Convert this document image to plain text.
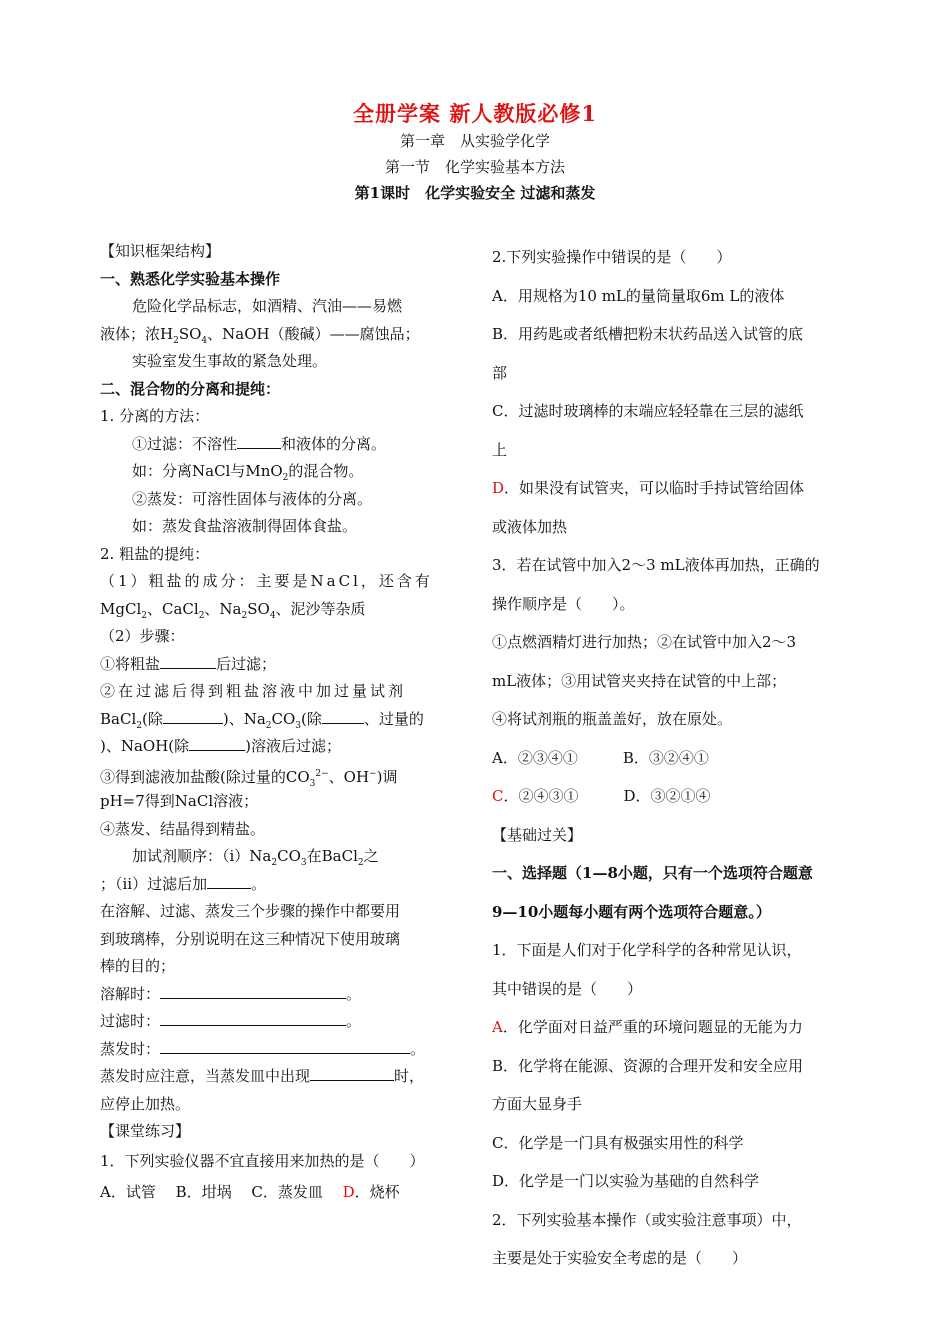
全册学案 新人教版必修1
第一章　从实验学化学
第一节　化学实验基本方法
第1课时　化学实验安全 过滤和蒸发

【知识框架结构】

一、熟悉化学实验基本操作

危险化学品标志，如酒精、汽油——易燃

液体；浓$H_2SO_4$、NaOH（酸碱）——腐蚀品；

实验室发生事故的紧急处理。

二、混合物的分离和提纯：

1. 分离的方法：

①过滤：不溶性	和液体的分离。

如：分离NaCl与MnO$_2$的混合物。

②蒸发：可溶性固体与液体的分离。

如：蒸发食盐溶液制得固体食盐。

2. 粗盐的提纯：

（1）粗盐的成分：主要是NaCl，还含有

MgCl$_2$、CaCl$_2$、$Na_2SO_4$、泥沙等杂质

（2）步骤：

①将粗盐	后过滤；

②在过滤后得到粗盐溶液中加过量试剂

BaCl$_2$(除	)、$Na_2CO_3$(除	、过量的

)、NaOH(除	)溶液后过滤；

③得到滤液加盐酸(除过量的$CO_3^{2-}$、OH−)调

pH=7得到NaCl溶液；

④蒸发、结晶得到精盐。

加试剂顺序：$(ⅰ)Na_2CO_3$在BaCl$_2$之

；（ⅱ）过滤后加	。

在溶解、过滤、蒸发三个步骤的操作中都要用

到玻璃棒，分别说明在这三种情况下使用玻璃

棒的目的；

溶解时：	。

过滤时：	。

蒸发时：	。

蒸发时应注意，当蒸发皿中出现	时，

应停止加热。

【课堂练习】

1．下列实验仪器不宜直接用来加热的是（　　）

A．试管　 B．坩埚　 C．蒸发皿　 D．烧杯

2.下列实验操作中错误的是（　　）

A．用规格为10 mL的量筒量取6m L的液体

B．用药匙或者纸槽把粉末状药品送入试管的底

部

C．过滤时玻璃棒的末端应轻轻靠在三层的滤纸

上

D．如果没有试管夹，可以临时手持试管给固体

或液体加热

3．若在试管中加入2～3 mL液体再加热，正确的

操作顺序是（　　）。

①点燃酒精灯进行加热；②在试管中加入2～3

mL液体；③用试管夹夹持在试管的中上部；

④将试剂瓶的瓶盖盖好，放在原处。

A．②③④①　　　B．③②④①

C．②④③①　　　D．③②①④

【基础过关】

一、选择题（1—8小题，只有一个选项符合题意

9—10小题每小题有两个选项符合题意。）

1．下面是人们对于化学科学的各种常见认识，

其中错误的是（　　）

A．化学面对日益严重的环境问题显的无能为力

B．化学将在能源、资源的合理开发和安全应用

方面大显身手

C．化学是一门具有极强实用性的科学

D．化学是一门以实验为基础的自然科学

2．下列实验基本操作（或实验注意事项）中，

主要是处于实验安全考虑的是（　　）
